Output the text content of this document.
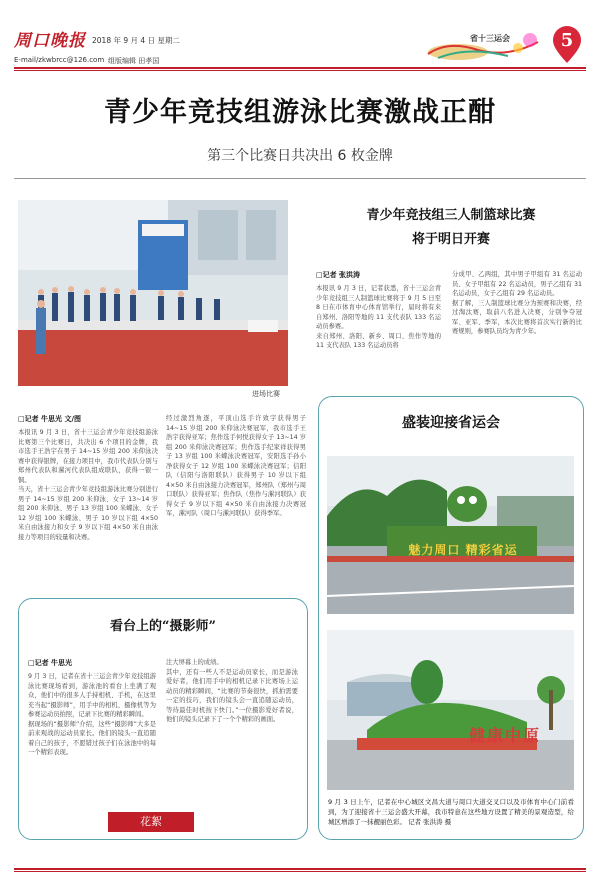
周口晚报 2018 年 9 月 4 日 星期二
E-mail/zkwbrcc@126.com 组版编辑 田孝国
省十三运会	5
青少年竞技组游泳比赛激战正酣
第三个比赛日共决出 6 枚金牌
进场比赛
□记者 牛思光 文/图
本报讯 9 月 3 日，省十三运会青少年竞技组游泳比赛第三个比赛日，共决出 6 个项目的金牌，我市选手王浩宇在男子 14~15 岁组 200 米仰泳决赛中获得银牌，在接力项目中，我市代表队分别与郑州代表队和漯河代表队组成联队，获得一银一铜。
当天，省十三运会青少年竞技组游泳比赛分别进行男子 14~15 岁组 200 米仰泳、女子 13~14 岁组 200 米仰泳、男子 13 岁组 100 米蝶泳、女子 12 岁组 100 米蝶泳、男子 10 岁以下组 4×50 米自由泳接力和女子 9 岁以下组 4×50 米自由泳接力等项目的较量和决赛。
经过激烈角逐，平顶山选手许致宇获得男子 14~15 岁组 200 米仰泳决赛冠军，我市选手王浩宇获得亚军；焦作选手何悦获得女子 13~14 岁组 200 米仰泳决赛冠军；焦作选手纪家祥获得男子 13 岁组 100 米蝶泳决赛冠军，安阳选手孙小净获得女子 12 岁组 100 米蝶泳决赛冠军；信阳队（信阳与洛阳联队）获得男子 10 岁以下组 4×50 米自由泳接力决赛冠军，郑州队（郑州与周口联队）获得亚军；焦作队（焦作与漯河联队）获得女子 9 岁以下组 4×50 米自由泳接力决赛冠军，漯河队（周口与漯河联队）获得季军。
青少年竞技组三人制篮球比赛
将于明日开赛
□记者 张洪涛
本报讯 9 月 3 日，记者获悉，省十三运会青少年竞技组三人制篮球比赛将于 9 月 5 日至 8 日在市体育中心体育馆举行，届时将有来自郑州、洛阳等地的 11 支代表队 133 名运动员参赛。
来自郑州、洛阳、新乡、周口、焦作等地的 11 支代表队 133 名运动员将
分成甲、乙两组，其中男子甲组有 31 名运动员、女子甲组有 22 名运动员，男子乙组有 31 名运动员，女子乙组有 29 名运动员。
据了解，三人制篮球比赛分为预赛和决赛，经过淘汰赛，取前八名进入决赛，分别争夺冠军、亚军、季军，本次比赛将首次实行新的比赛规则，参赛队员均为青少年。
盛装迎接省运会
魅力周口 精彩省运
健康中原
9 月 3 日上午，记者在中心城区文昌大道与周口大道交叉口以及市体育中心门前看到，为了迎接省十三运会盛大开幕，我市特意在这些地方设置了精美的景观造型，给城区增添了一抹靓丽色彩。 记者 张洪涛 摄
看台上的“摄影师”
□记者 牛思光
9 月 3 日，记者在省十三运会青少年竞技组游泳比赛现场看到，游泳池的看台上坐满了观众，他们中的很多人手持相机、手机，在这里充当起“摄影师”，用手中的相机、摄像机等为参赛运动员拍照，记录下比赛的精彩瞬间。
据现场的“摄影师”介绍，这些“摄影师”大多是前来观战的运动员家长。他们的镜头一直追随着自己的孩子，不愿错过孩子们在泳池中的每一个精彩表现。
注大屏幕上的成绩。
其中，还有一些人不是运动员家长，而是游泳爱好者，他们用手中的相机记录下比赛场上运动员的精彩瞬间，“比赛的节奏很快，抓拍需要一定的技巧，我们的镜头会一直追随运动员，等待最佳时机按下快门。”一位摄影爱好者说，他们的镜头记录下了一个个精彩的画面。
花絮
